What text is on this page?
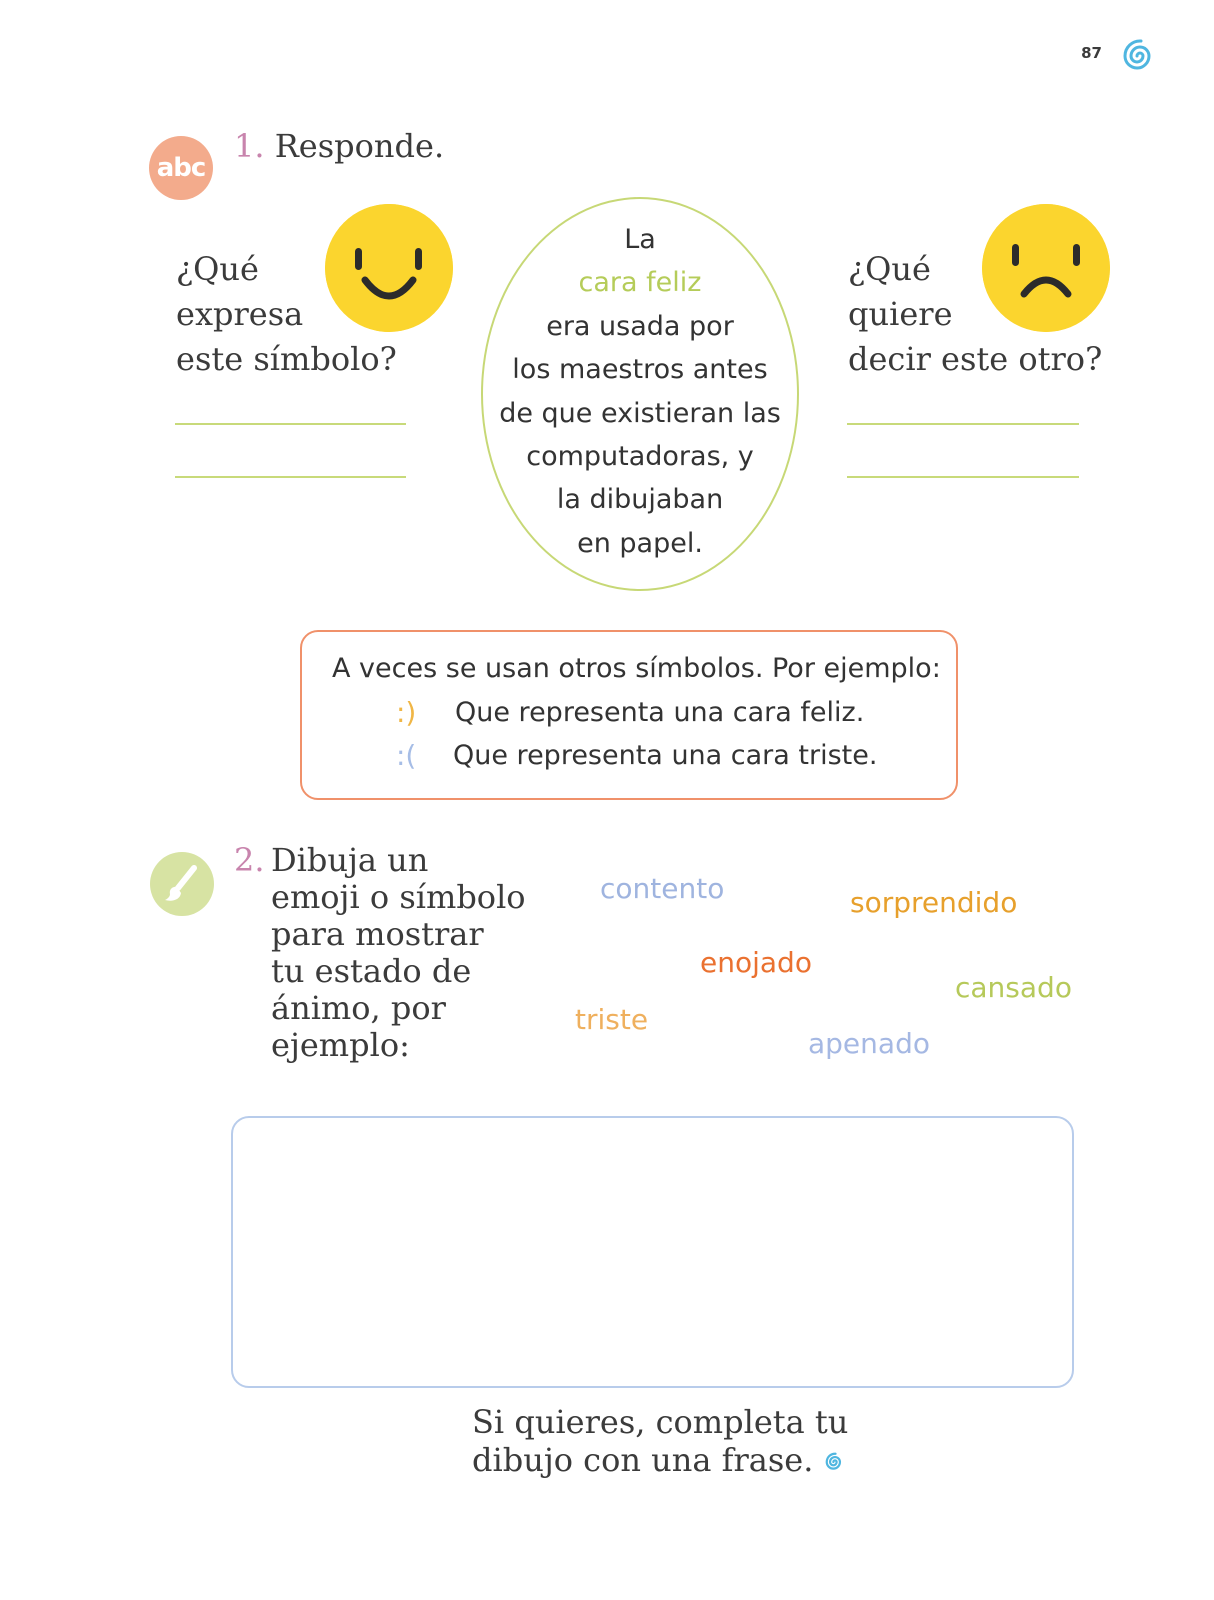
87
abc
1. Responde.
¿Qué
expresa
este símbolo?
La
cara feliz
era usada por
los maestros antes
de que existieran las
computadoras, y
la dibujaban
en papel.
¿Qué
quiere
decir este otro?
A veces se usan otros símbolos. Por ejemplo:
:) Que representa una cara feliz.
:( Que representa una cara triste.
2. Dibuja un
emoji o símbolo
para mostrar
tu estado de
ánimo, por
ejemplo:
contento	sorprendido
enojado
cansado
triste
apenado
Si quieres, completa tu
dibujo con una frase.
